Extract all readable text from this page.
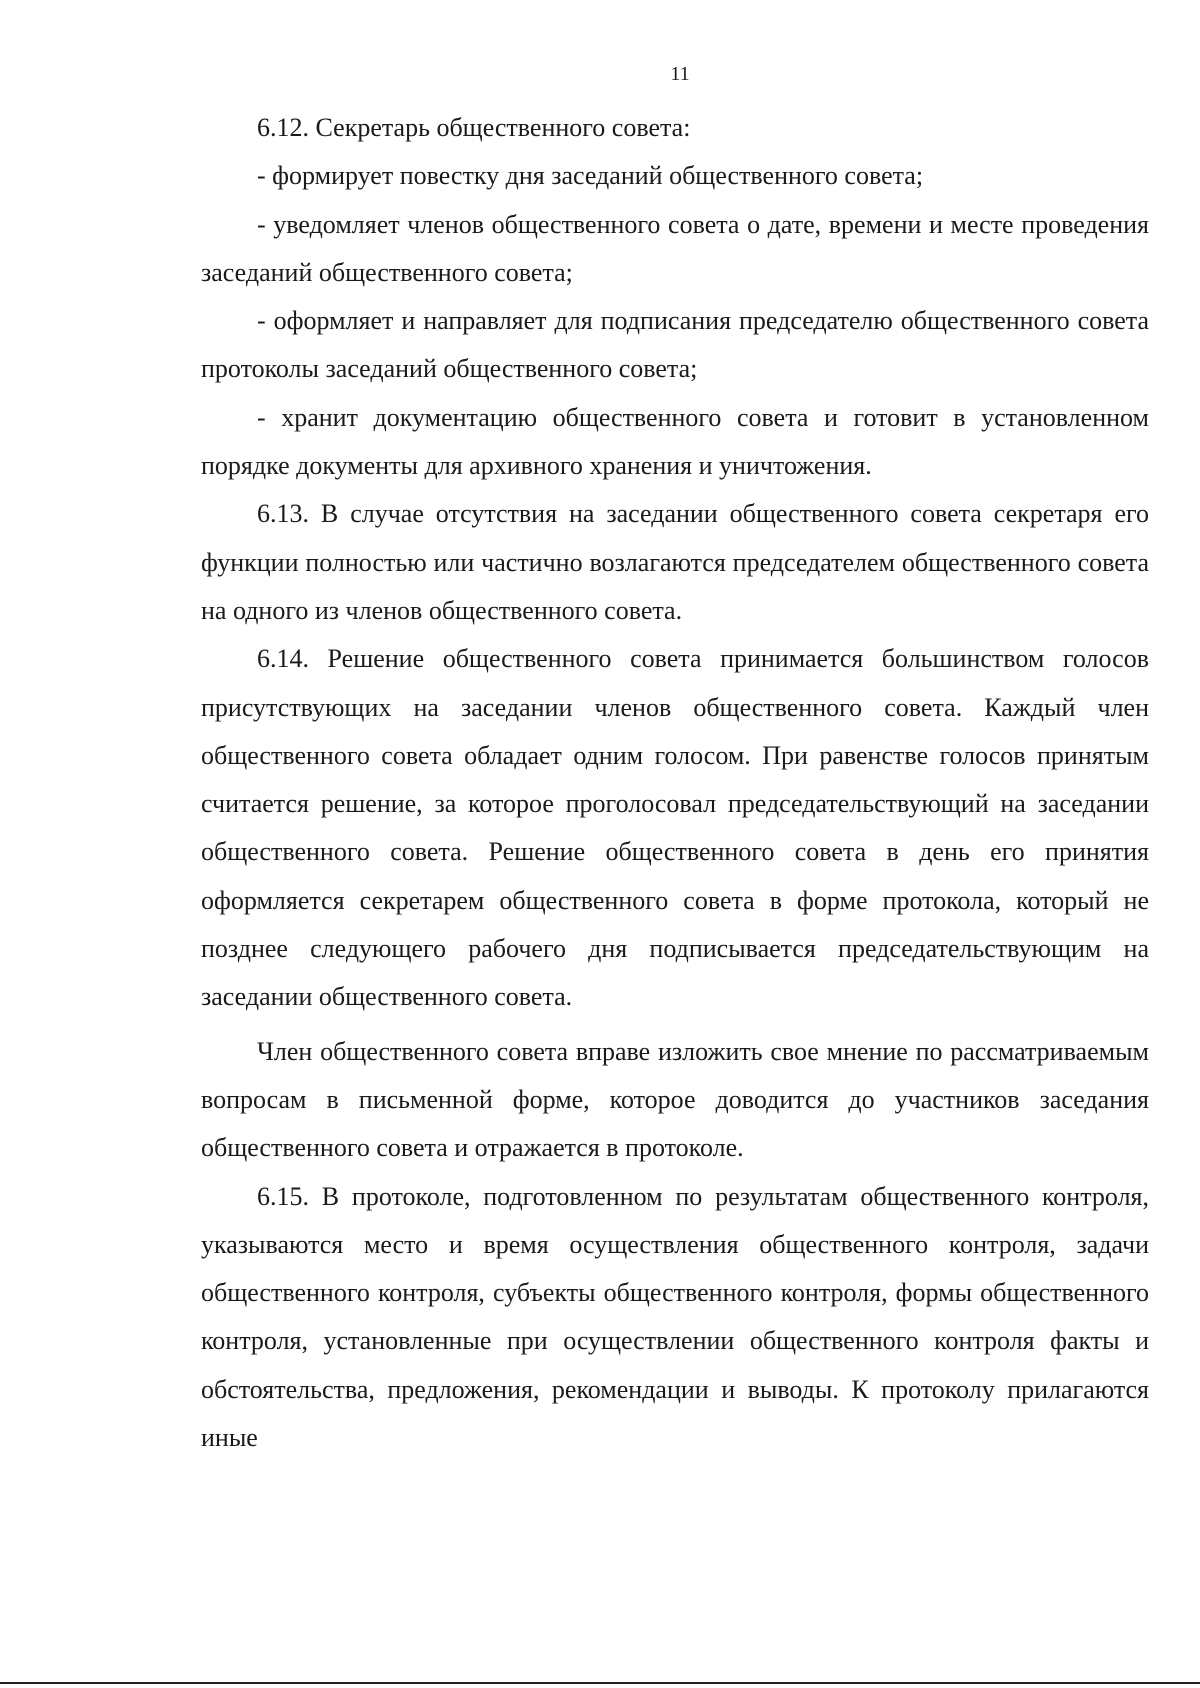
11

6.12. Секретарь общественного совета:

- формирует повестку дня заседаний общественного совета;

- уведомляет членов общественного совета о дате, времени и месте проведения заседаний общественного совета;

- оформляет и направляет для подписания председателю общественного совета протоколы заседаний общественного совета;

- хранит документацию общественного совета и готовит в установленном порядке документы для архивного хранения и уничтожения.

6.13. В случае отсутствия на заседании общественного совета секретаря его функции полностью или частично возлагаются председателем общественного совета на одного из членов общественного совета.

6.14. Решение общественного совета принимается большинством голосов присутствующих на заседании членов общественного совета. Каждый член общественного совета обладает одним голосом. При равенстве голосов принятым считается решение, за которое проголосовал председательствующий на заседании общественного совета. Решение общественного совета в день его принятия оформляется секретарем общественного совета в форме протокола, который не позднее следующего рабочего дня подписывается председательствующим на заседании общественного совета.

Член общественного совета вправе изложить свое мнение по рассматриваемым вопросам в письменной форме, которое доводится до участников заседания общественного совета и отражается в протоколе.

6.15. В протоколе, подготовленном по результатам общественного контроля, указываются место и время осуществления общественного контроля, задачи общественного контроля, субъекты общественного контроля, формы общественного контроля, установленные при осуществлении общественного контроля факты и обстоятельства, предложения, рекомендации и выводы. К протоколу прилагаются иные
